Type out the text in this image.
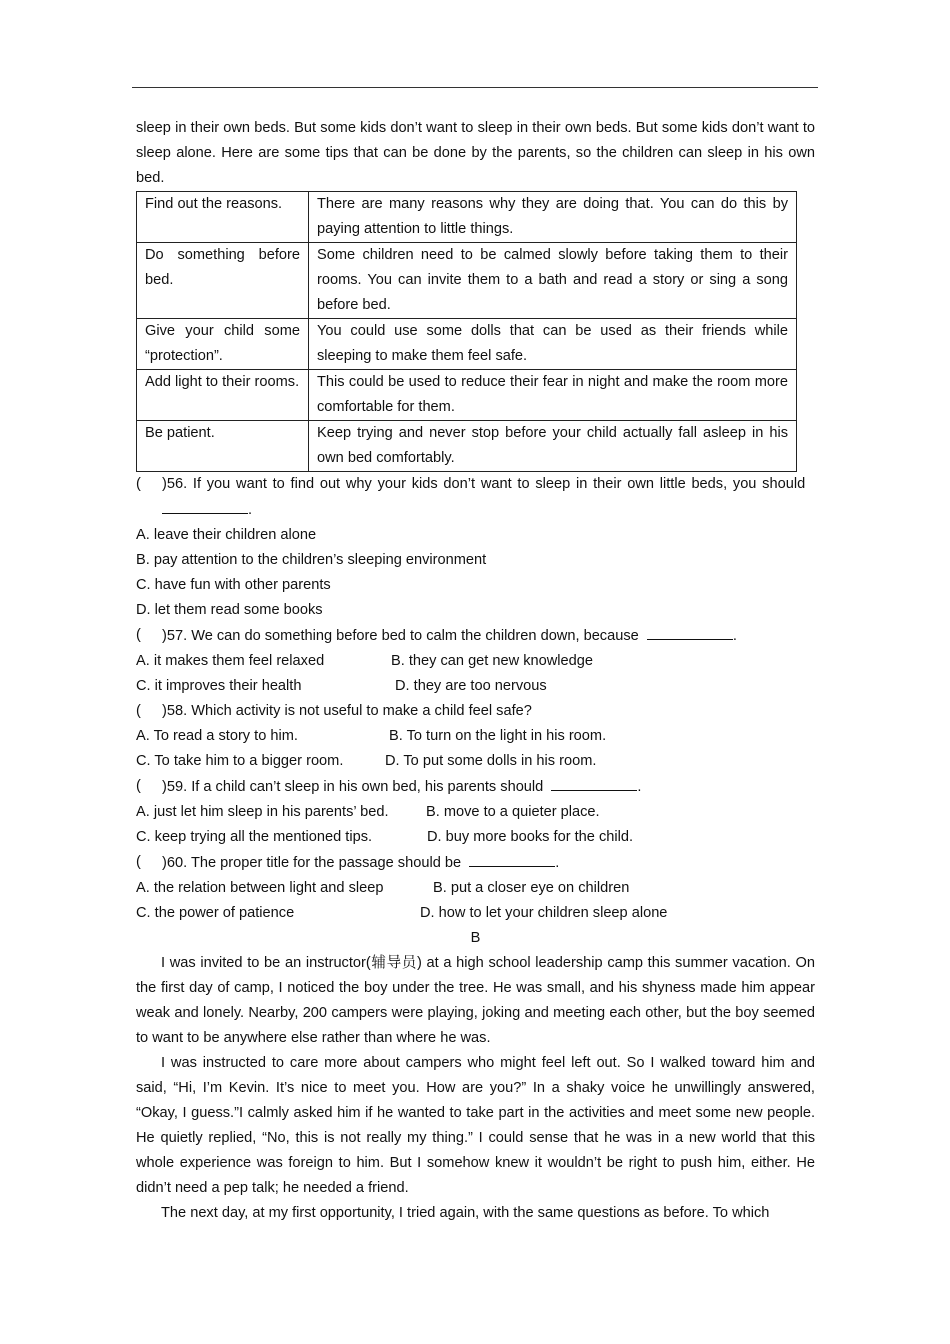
sleep in their own beds. But some kids don’t want to sleep in their own beds. But some kids don’t want to sleep alone. Here are some tips that can be done by the parents, so the children can sleep in his own bed.

Find out the reasons.	There are many reasons why they are doing that. You can do this by paying attention to little things.
Do something before bed.	Some children need to be calmed slowly before taking them to their rooms. You can invite them to a bath and read a story or sing a song before bed.
Give your child some “protection”.	You could use some dolls that can be used as their friends while sleeping to make them feel safe.
Add light to their rooms.	This could be used to reduce their fear in night and make the room more comfortable for them.
Be patient.	Keep trying and never stop before your child actually fall asleep in his own bed comfortably.
(	)56. If you want to find out why your kids don’t want to sleep in their own little beds, you should  .
A. leave their children alone
B. pay attention to the children’s sleeping environment
C. have fun with other parents
D. let them read some books
(	)57. We can do something before bed to calm the children down, because	.
A. it makes them feel relaxed	B. they can get new knowledge
C. it improves their health	D. they are too nervous
(	)58. Which activity is not useful to make a child feel safe?
A. To read a story to him.	B. To turn on the light in his room.
C. To take him to a bigger room.	D. To put some dolls in his room.
(	)59. If a child can’t sleep in his own bed, his parents should	.
A. just let him sleep in his parents’ bed.	B. move to a quieter place.
C. keep trying all the mentioned tips.	D. buy more books for the child.
(	)60. The proper title for the passage should be	.
A. the relation between light and sleep	B. put a closer eye on children
C. the power of patience	D. how to let your children sleep alone

B

I was invited to be an instructor(辅导员) at a high school leadership camp this summer vacation. On the first day of camp, I noticed the boy under the tree. He was small, and his shyness made him appear weak and lonely. Nearby, 200 campers were playing, joking and meeting each other, but the boy seemed to want to be anywhere else rather than where he was.

I was instructed to care more about campers who might feel left out. So I walked toward him and said, “Hi, I’m Kevin. It’s nice to meet you. How are you?” In a shaky voice he unwillingly answered, “Okay, I guess.”I calmly asked him if he wanted to take part in the activities and meet some new people. He quietly replied, “No, this is not really my thing.” I could sense that he was in a new world that this whole experience was foreign to him. But I somehow knew it wouldn’t be right to push him, either. He didn’t need a pep talk; he needed a friend.

The next day, at my first opportunity, I tried again, with the same questions as before. To which
